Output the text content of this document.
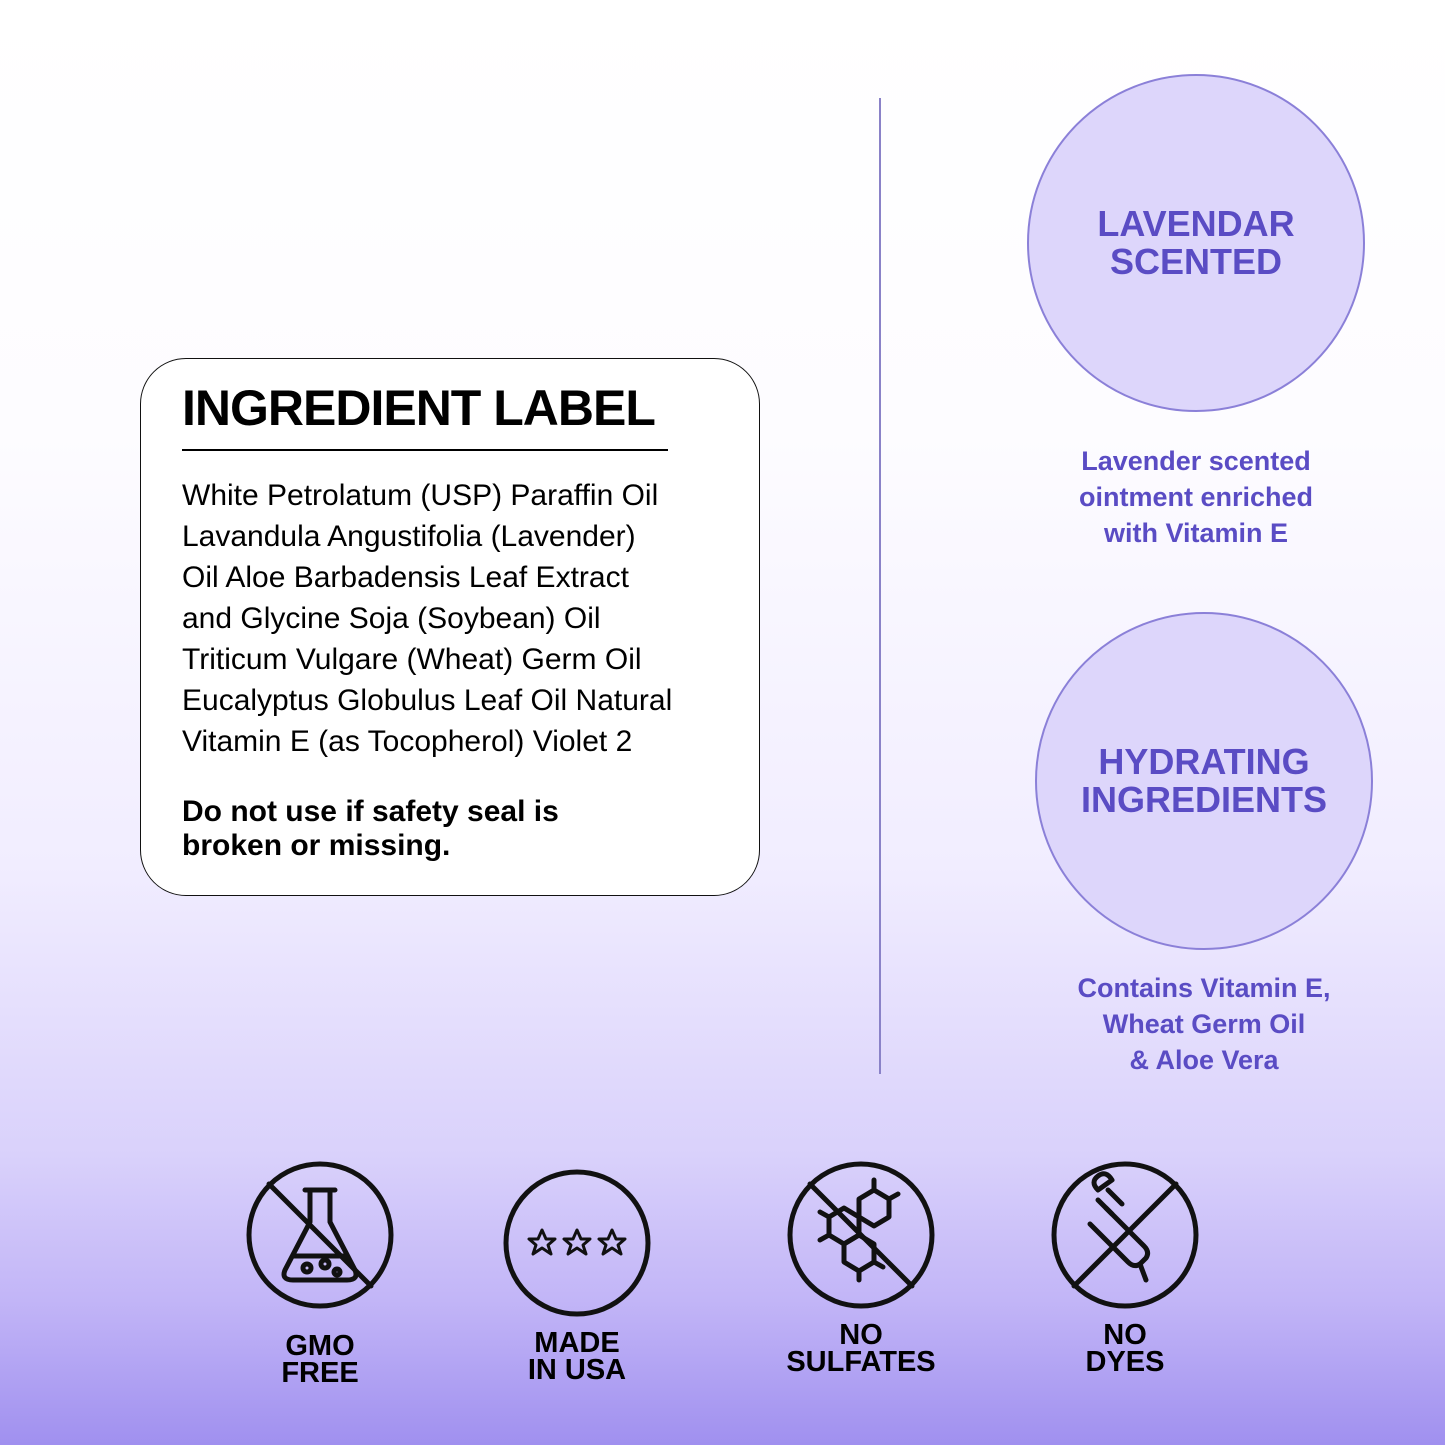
INGREDIENT LABEL
White Petrolatum (USP) Paraffin Oil
Lavandula Angustifolia (Lavender)
Oil Aloe Barbadensis Leaf Extract
and Glycine Soja (Soybean) Oil
Triticum Vulgare (Wheat) Germ Oil
Eucalyptus Globulus Leaf Oil Natural
Vitamin E (as Tocopherol) Violet 2
Do not use if safety seal is
broken or missing.
LAVENDAR
SCENTED
Lavender scented
ointment enriched
with Vitamin E
HYDRATING
INGREDIENTS
Contains Vitamin E,
Wheat Germ Oil
& Aloe Vera
GMO
FREE
MADE
IN USA
NO
SULFATES
NO
DYES
